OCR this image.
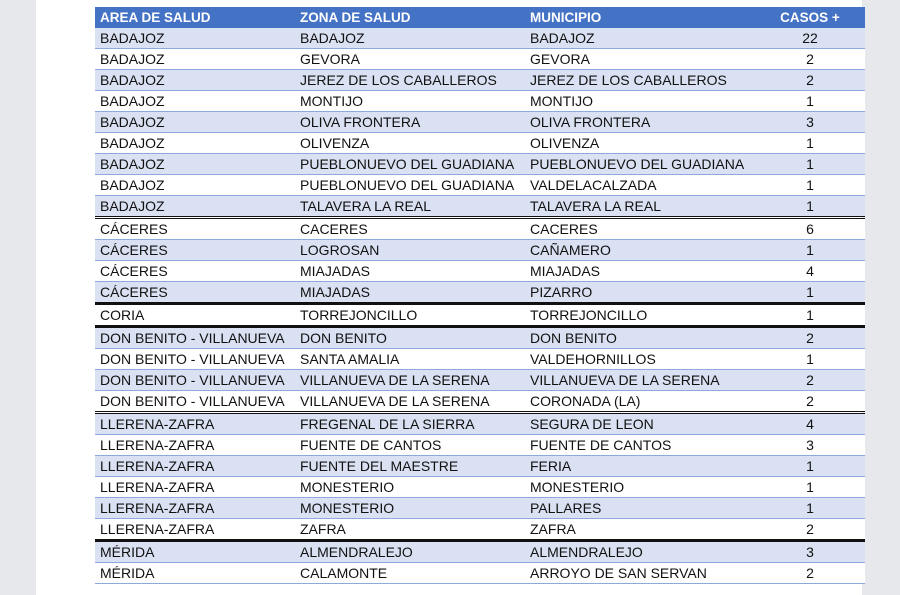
AREA DE SALUD	ZONA DE SALUD	MUNICIPIO	CASOS +
BADAJOZ	BADAJOZ	BADAJOZ	22
BADAJOZ	GEVORA	GEVORA	2
BADAJOZ	JEREZ DE LOS CABALLEROS	JEREZ DE LOS CABALLEROS	2
BADAJOZ	MONTIJO	MONTIJO	1
BADAJOZ	OLIVA FRONTERA	OLIVA FRONTERA	3
BADAJOZ	OLIVENZA	OLIVENZA	1
BADAJOZ	PUEBLONUEVO DEL GUADIANA	PUEBLONUEVO DEL GUADIANA	1
BADAJOZ	PUEBLONUEVO DEL GUADIANA	VALDELACALZADA	1
BADAJOZ	TALAVERA LA REAL	TALAVERA LA REAL	1
CÁCERES	CACERES	CACERES	6
CÁCERES	LOGROSAN	CAÑAMERO	1
CÁCERES	MIAJADAS	MIAJADAS	4
CÁCERES	MIAJADAS	PIZARRO	1
CORIA	TORREJONCILLO	TORREJONCILLO	1
DON BENITO - VILLANUEVA	DON BENITO	DON BENITO	2
DON BENITO - VILLANUEVA	SANTA AMALIA	VALDEHORNILLOS	1
DON BENITO - VILLANUEVA	VILLANUEVA DE LA SERENA	VILLANUEVA DE LA SERENA	2
DON BENITO - VILLANUEVA	VILLANUEVA DE LA SERENA	CORONADA (LA)	2
LLERENA-ZAFRA	FREGENAL DE LA SIERRA	SEGURA DE LEON	4
LLERENA-ZAFRA	FUENTE DE CANTOS	FUENTE DE CANTOS	3
LLERENA-ZAFRA	FUENTE DEL MAESTRE	FERIA	1
LLERENA-ZAFRA	MONESTERIO	MONESTERIO	1
LLERENA-ZAFRA	MONESTERIO	PALLARES	1
LLERENA-ZAFRA	ZAFRA	ZAFRA	2
MÉRIDA	ALMENDRALEJO	ALMENDRALEJO	3
MÉRIDA	CALAMONTE	ARROYO DE SAN SERVAN	2
